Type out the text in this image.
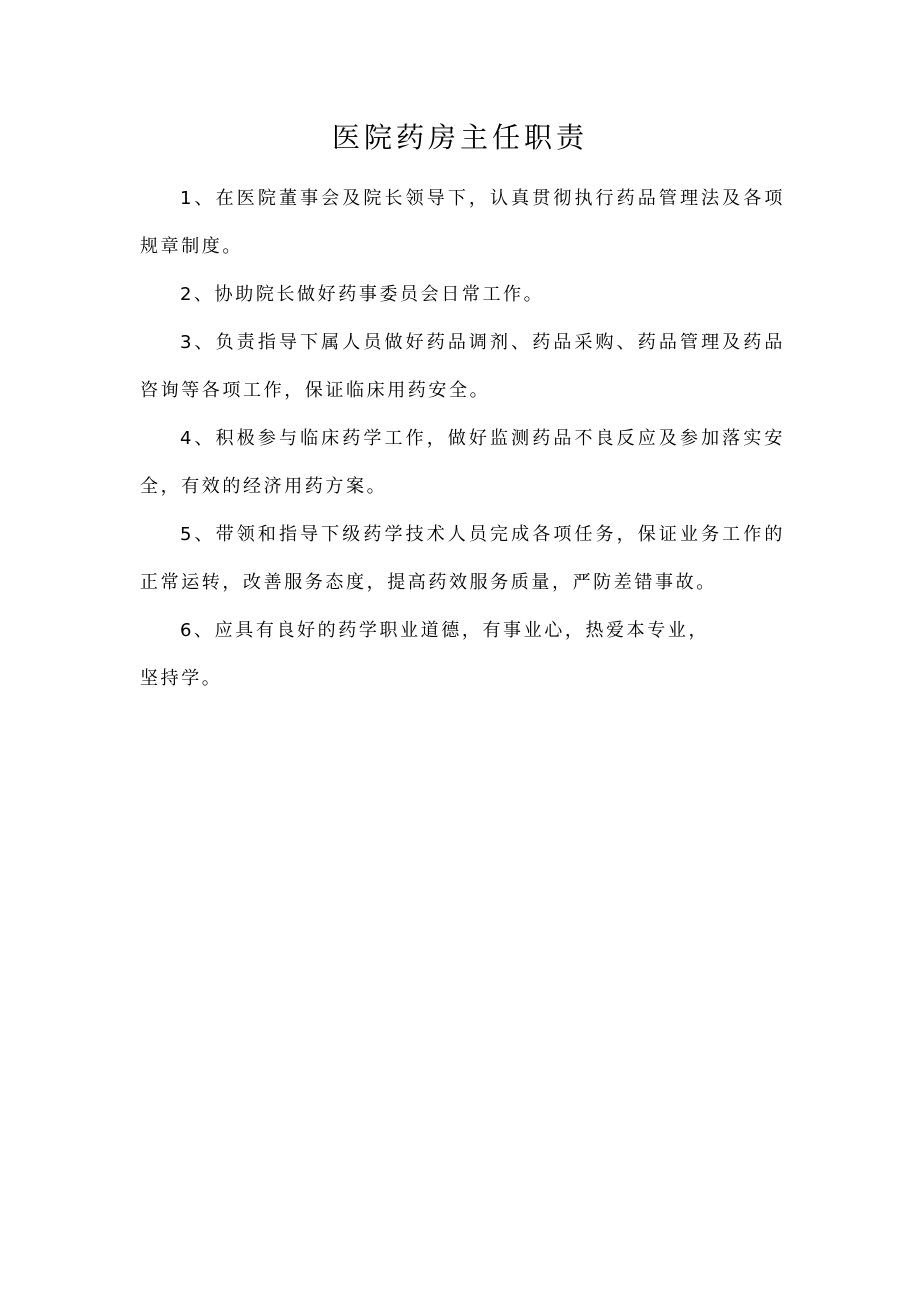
医院药房主任职责

1、在医院董事会及院长领导下，认真贯彻执行药品管理法及各项规章制度。

2、协助院长做好药事委员会日常工作。

3、负责指导下属人员做好药品调剂、药品采购、药品管理及药品咨询等各项工作，保证临床用药安全。

4、积极参与临床药学工作，做好监测药品不良反应及参加落实安全，有效的经济用药方案。

5、带领和指导下级药学技术人员完成各项任务，保证业务工作的正常运转，改善服务态度，提高药效服务质量，严防差错事故。

6、应具有良好的药学职业道德，有事业心，热爱本专业，

坚持学。
